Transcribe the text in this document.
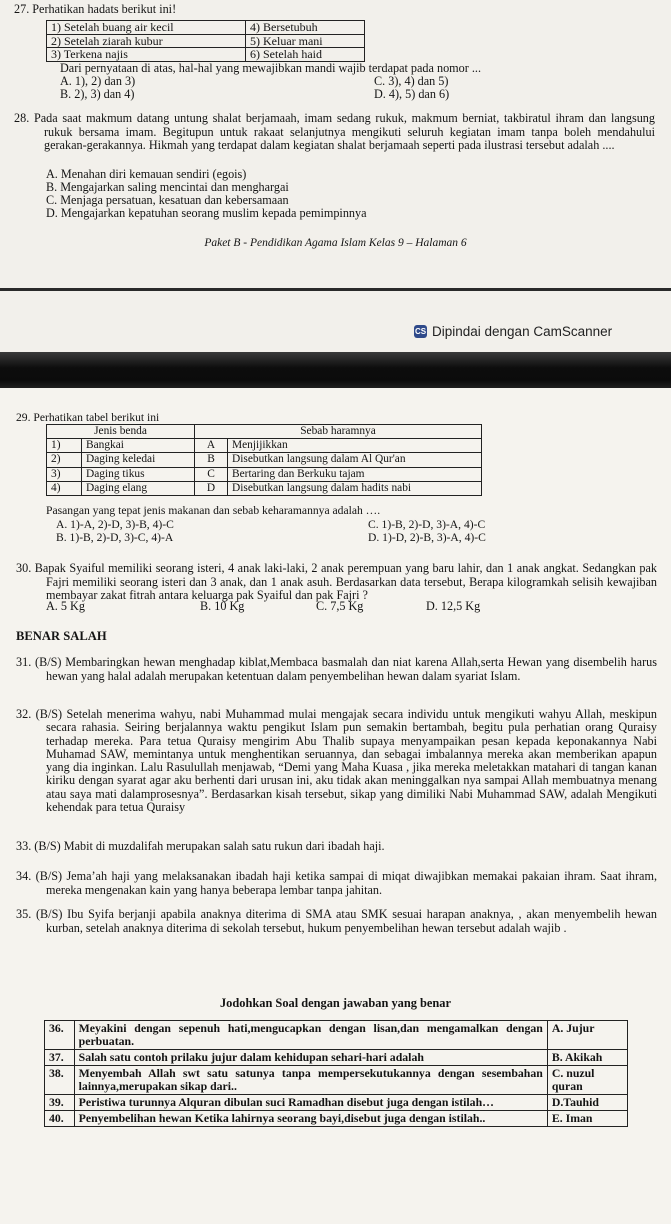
27. Perhatikan hadats berikut ini!
1) Setelah buang air kecil	4) Bersetubuh
2) Setelah ziarah kubur	5) Keluar mani
3) Terkena najis	6) Setelah haid
Dari pernyataan di atas, hal-hal yang mewajibkan mandi wajib terdapat pada nomor ...
A. 1), 2) dan 3)	C. 3), 4) dan 5)
B. 2), 3) dan 4)	D. 4), 5) dan 6)
28. Pada saat makmum datang untung shalat berjamaah, imam sedang rukuk, makmum berniat, takbiratul ihram dan langsung rukuk bersama imam. Begitupun untuk rakaat selanjutnya mengikuti seluruh kegiatan imam tanpa boleh mendahului gerakan-gerakannya. Hikmah yang terdapat dalam kegiatan shalat berjamaah seperti pada ilustrasi tersebut adalah ....
A. Menahan diri kemauan sendiri (egois)
B. Mengajarkan saling mencintai dan menghargai
C. Menjaga persatuan, kesatuan dan kebersamaan
D. Mengajarkan kepatuhan seorang muslim kepada pemimpinnya
Paket B - Pendidikan Agama Islam Kelas 9 – Halaman 6
CS Dipindai dengan CamScanner
29. Perhatikan tabel berikut ini
Jenis benda		Sebab haramnya	
1)	Bangkai	A	Menjijikkan
2)	Daging keledai	B	Disebutkan langsung dalam Al Qur'an
3)	Daging tikus	C	Bertaring dan Berkuku tajam
4)	Daging elang	D	Disebutkan langsung dalam hadits nabi
Pasangan yang tepat jenis makanan dan sebab keharamannya adalah ….
A. 1)-A, 2)-D, 3)-B, 4)-C	C. 1)-B, 2)-D, 3)-A, 4)-C
B. 1)-B, 2)-D, 3)-C, 4)-A	D. 1)-D, 2)-B, 3)-A, 4)-C
30. Bapak Syaiful memiliki seorang isteri, 4 anak laki-laki, 2 anak perempuan yang baru lahir, dan 1 anak angkat. Sedangkan pak Fajri memiliki seorang isteri dan 3 anak, dan 1 anak asuh. Berdasarkan data tersebut, Berapa kilogramkah selisih kewajiban membayar zakat fitrah antara keluarga pak Syaiful dan pak Fajri ?
A. 5 Kg	B. 10 Kg	C. 7,5 Kg	D. 12,5 Kg
BENAR SALAH
31. (B/S) Membaringkan hewan menghadap kiblat,Membaca basmalah dan niat karena Allah,serta Hewan yang disembelih harus hewan yang halal adalah merupakan ketentuan dalam penyembelihan hewan dalam syariat Islam.
32. (B/S) Setelah menerima wahyu, nabi Muhammad mulai mengajak secara individu untuk mengikuti wahyu Allah, meskipun secara rahasia. Seiring berjalannya waktu pengikut Islam pun semakin bertambah, begitu pula perhatian orang Quraisy terhadap mereka. Para tetua Quraisy mengirim Abu Thalib supaya menyampaikan pesan kepada keponakannya Nabi Muhamad SAW, memintanya untuk menghentikan seruannya, dan sebagai imbalannya mereka akan memberikan apapun yang dia inginkan. Lalu Rasulullah menjawab, “Demi yang Maha Kuasa , jika mereka meletakkan matahari di tangan kanan kiriku dengan syarat agar aku berhenti dari urusan ini, aku tidak akan meninggalkan nya sampai Allah membuatnya menang atau saya mati dalamprosesnya”. Berdasarkan kisah tersebut, sikap yang dimiliki Nabi Muhammad SAW, adalah Mengikuti kehendak para tetua Quraisy
33. (B/S) Mabit di muzdalifah merupakan salah satu rukun dari ibadah haji.
34. (B/S) Jema’ah haji yang melaksanakan ibadah haji ketika sampai di miqat diwajibkan memakai pakaian ihram. Saat ihram, mereka mengenakan kain yang hanya beberapa lembar tanpa jahitan.
35. (B/S) Ibu Syifa berjanji apabila anaknya diterima di SMA atau SMK sesuai harapan anaknya, , akan menyembelih hewan kurban, setelah anaknya diterima di sekolah tersebut, hukum penyembelihan hewan tersebut adalah wajib .
Jodohkan Soal dengan jawaban yang benar
36.	Meyakini dengan sepenuh hati,mengucapkan dengan lisan,dan mengamalkan dengan perbuatan.	A. Jujur
37.	Salah satu contoh prilaku jujur dalam kehidupan sehari-hari adalah	B. Akikah
38.	Menyembah Allah swt satu satunya tanpa mempersekutukannya dengan sesembahan lainnya,merupakan sikap dari..	C. nuzul quran
39.	Peristiwa turunnya Alquran dibulan suci Ramadhan disebut juga dengan istilah…	D.Tauhid
40.	Penyembelihan hewan Ketika lahirnya seorang bayi,disebut juga dengan istilah..	E. Iman
